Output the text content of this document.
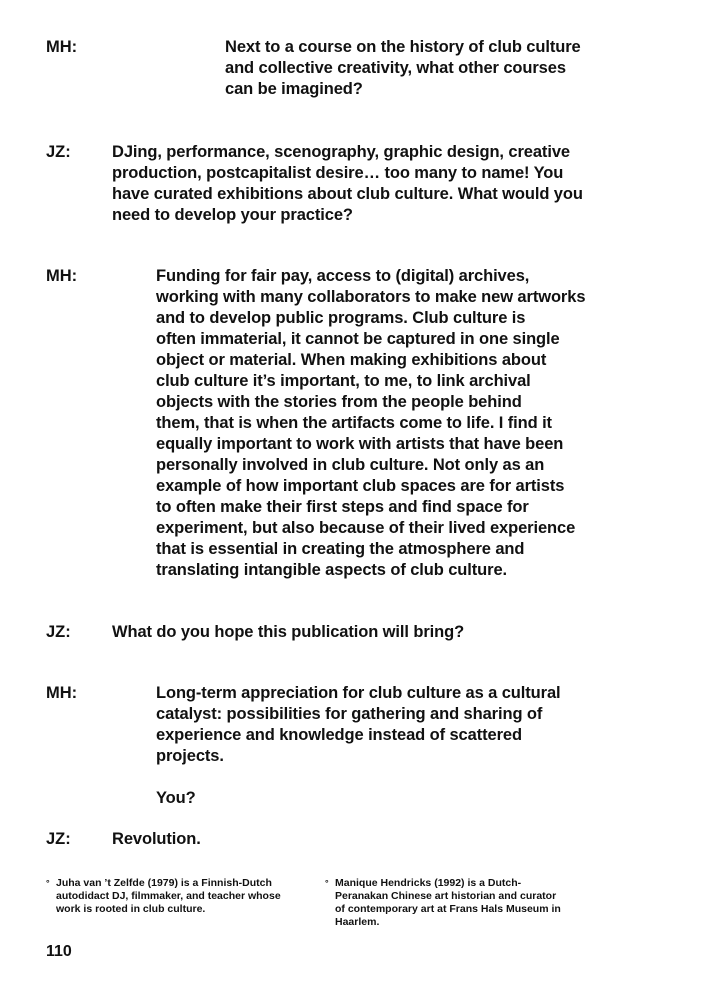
MH:	Next to a course on the history of club culture
and collective creativity, what other courses
can be imagined?
JZ:	DJing, performance, scenography, graphic design, creative
production, postcapitalist desire… too many to name! You
have curated exhibitions about club culture. What would you
need to develop your practice?
MH:	Funding for fair pay, access to (digital) archives,
working with many collaborators to make new artworks
and to develop public programs. Club culture is
often immaterial, it cannot be captured in one single
object or material. When making exhibitions about
club culture it’s important, to me, to link archival
objects with the stories from the people behind
them, that is when the artifacts come to life. I find it
equally important to work with artists that have been
personally involved in club culture. Not only as an
example of how important club spaces are for artists
to often make their first steps and find space for
experiment, but also because of their lived experience
that is essential in creating the atmosphere and
translating intangible aspects of club culture.
JZ:	What do you hope this publication will bring?
MH:	Long-term appreciation for club culture as a cultural
catalyst: possibilities for gathering and sharing of
experience and knowledge instead of scattered
projects.
You?
JZ:	Revolution.
° Juha van ’t Zelfde (1979) is a Finnish-Dutch
autodidact DJ, filmmaker, and teacher whose
work is rooted in club culture.
° Manique Hendricks (1992) is a Dutch-
Peranakan Chinese art historian and curator
of contemporary art at Frans Hals Museum in
Haarlem.
110
